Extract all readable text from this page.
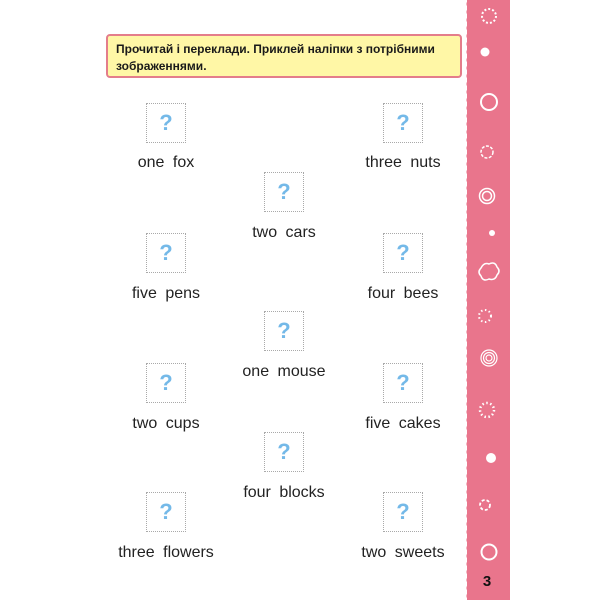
Прочитай і переклади. Приклей наліпки з потрібними зображеннями.
?
one fox
?
three nuts
?
two cars
?
five pens
?
four bees
?
one mouse
?
two cups
?
five cakes
?
four blocks
?
three flowers
?
two sweets
3
